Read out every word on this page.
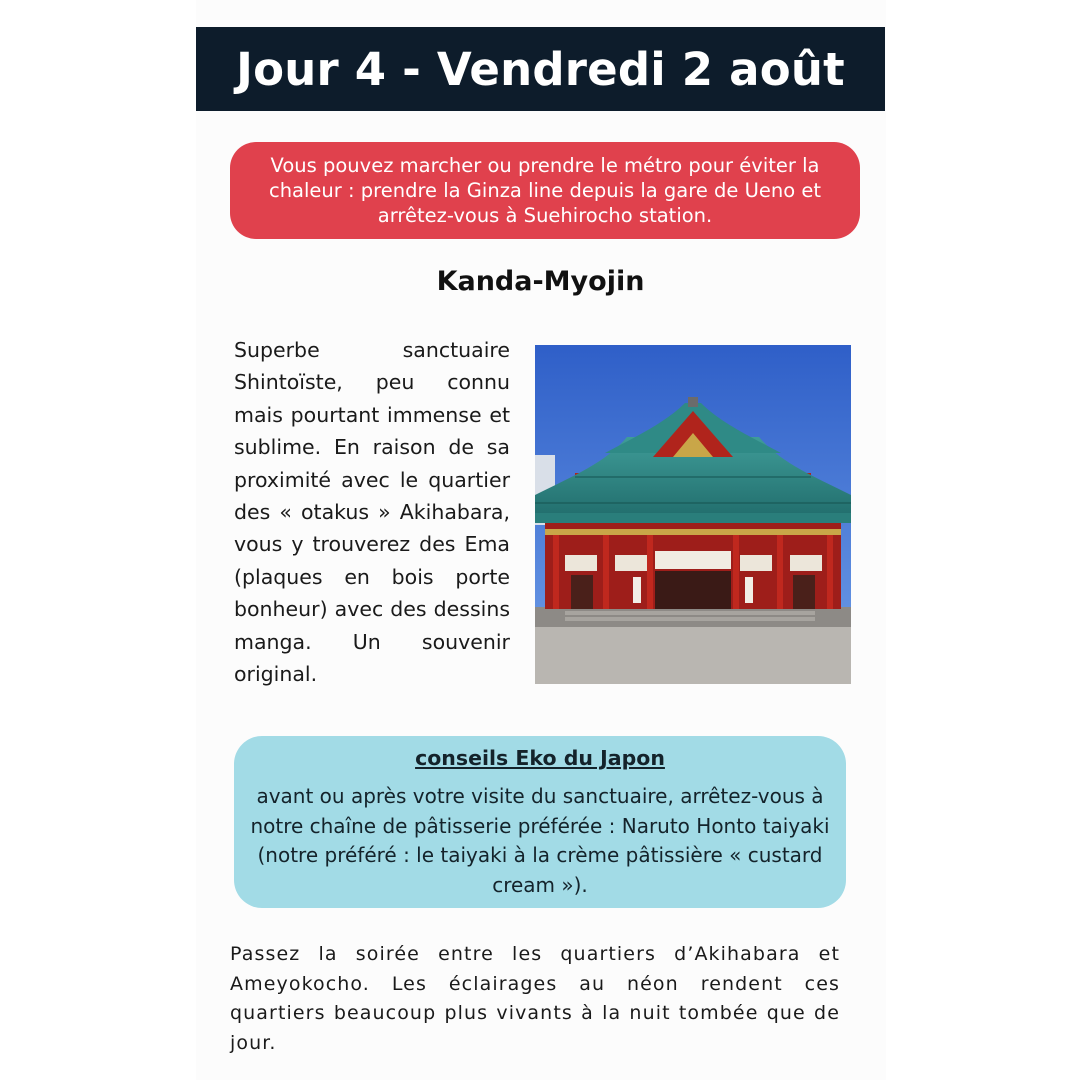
Jour 4 - Vendredi 2 août
Vous pouvez marcher ou prendre le métro pour éviter la chaleur : prendre la Ginza line depuis la gare de Ueno et arrêtez-vous à Suehirocho station.
Kanda-Myojin

Superbe sanctuaire Shintoïste, peu connu mais pourtant immense et sublime. En raison de sa proximité avec le quartier des « otakus » Akihabara, vous y trouverez des Ema (plaques en bois porte bonheur) avec des dessins manga. Un souvenir original.

conseils Eko du Japon
avant ou après votre visite du sanctuaire, arrêtez-vous à notre chaîne de pâtisserie préférée : Naruto Honto taiyaki (notre préféré : le taiyaki à la crème pâtissière « custard cream »).

Passez la soirée entre les quartiers d’Akihabara et Ameyokocho. Les éclairages au néon rendent ces quartiers beaucoup plus vivants à la nuit tombée que de jour.
